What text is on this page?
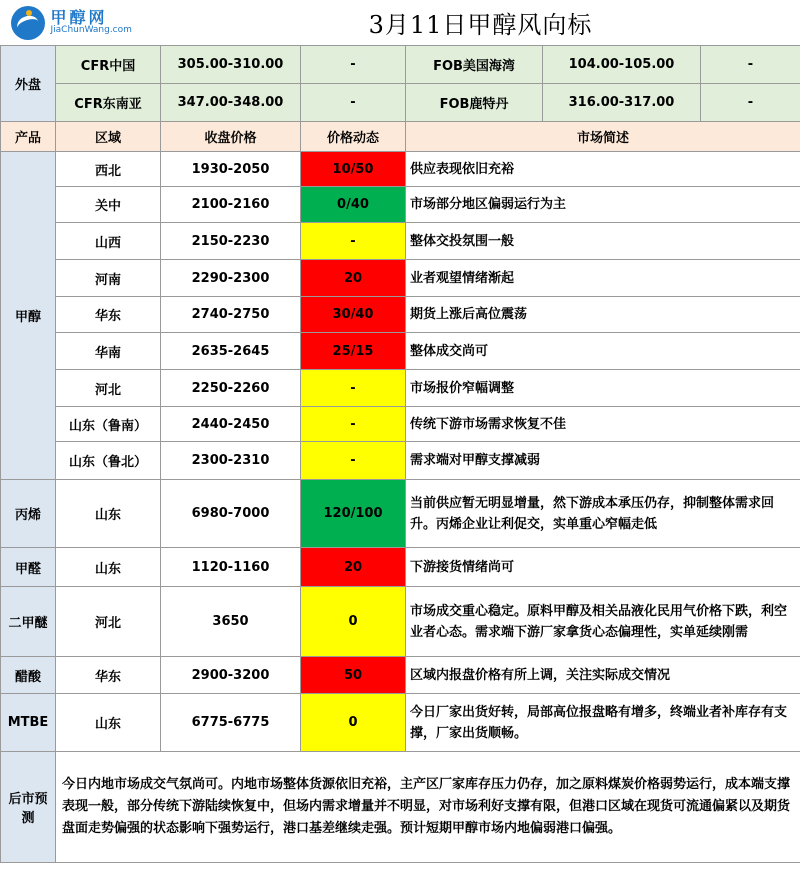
甲醇网
JiaChunWang.com		3月11日甲醇风向标				
外盘	CFR中国	305.00-310.00	-	FOB美国海湾	104.00-105.00	-
	CFR东南亚	347.00-348.00	-	FOB鹿特丹	316.00-317.00	-
产品	区域	收盘价格	价格动态	市场简述		
甲醇	西北	1930-2050	10/50	供应表现依旧充裕		
	关中	2100-2160	0/40	市场部分地区偏弱运行为主		
	山西	2150-2230	-	整体交投氛围一般		
	河南	2290-2300	20	业者观望情绪渐起		
	华东	2740-2750	30/40	期货上涨后高位震荡		
	华南	2635-2645	25/15	整体成交尚可		
	河北	2250-2260	-	市场报价窄幅调整		
	山东（鲁南）	2440-2450	-	传统下游市场需求恢复不佳		
	山东（鲁北）	2300-2310	-	需求端对甲醇支撑减弱		
丙烯	山东	6980-7000	120/100	当前供应暂无明显增量，然下游成本承压仍存，抑制整体需求回升。丙烯企业让利促交，实单重心窄幅走低		
甲醛	山东	1120-1160	20	下游接货情绪尚可		
二甲醚	河北	3650	0	市场成交重心稳定。原料甲醇及相关品液化民用气价格下跌，利空业者心态。需求端下游厂家拿货心态偏理性，实单延续刚需		
醋酸	华东	2900-3200	50	区域内报盘价格有所上调，关注实际成交情况		
MTBE	山东	6775-6775	0	今日厂家出货好转，局部高位报盘略有增多，终端业者补库存有支撑，厂家出货顺畅。		
后市预测	今日内地市场成交气氛尚可。内地市场整体货源依旧充裕，主产区厂家库存压力仍存，加之原料煤炭价格弱势运行，成本端支撑表现一般，部分传统下游陆续恢复中，但场内需求增量并不明显，对市场利好支撑有限，但港口区域在现货可流通偏紧以及期货盘面走势偏强的状态影响下强势运行，港口基差继续走强。预计短期甲醇市场内地偏弱港口偏强。					
